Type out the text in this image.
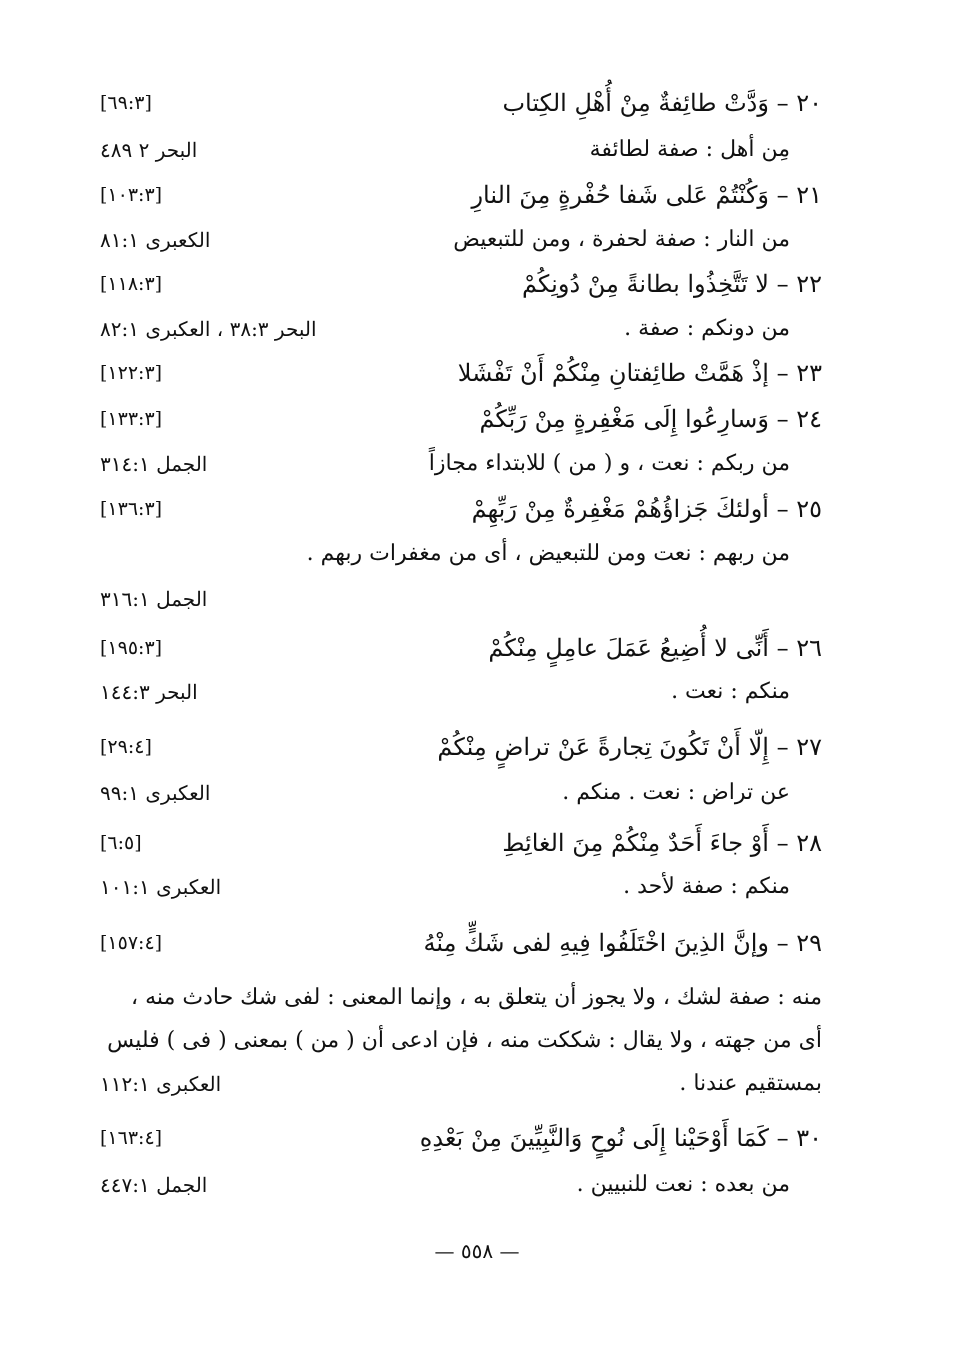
٢٠ – وَدَّتْ طائِفةٌ مِنْ أُهْلِ الكِتاب
[٦٩:٣]
مِن أهل : صفة لطائفة
البحر ٢ ٤٨٩
٢١ – وَكُنْتُمْ عَلى شَفا حُفْرةٍ مِنَ النارِ
[١٠٣:٣]
من النار : صفة لحفرة ، ومن للتبعيض
الكعبرى ٨١:١
٢٢ – لا تَتَّخِذُوا بطانةً مِنْ دُونِكُمْ
[١١٨:٣]
من دونكم : صفة .
البحر ٣٨:٣ ، العكبرى ٨٢:١
٢٣ – إذْ هَمَّتْ طائِفتانِ مِنْكُمْ أَنْ تَفْشَلا
[١٢٢:٣]
٢٤ – وَسارِعُوا إِلَى مَغْفِرةٍ مِنْ رَبِّكُمْ
[١٣٣:٣]
من ربكم : نعت ، و ( من ) للابتداء مجازاً
الجمل ٣١٤:١
٢٥ – أولئكَ جَزاؤُهُمْ مَغْفِرةٌ مِنْ رَبِّهِمْ
[١٣٦:٣]
من ربهم : نعت ومن للتبعيض ، أى من مغفرات ربهم .
الجمل ٣١٦:١
٢٦ – أَنِّى لا أُضِيعُ عَمَلَ عامِلٍ مِنْكُمْ
[١٩٥:٣]
منكم : نعت .
البحر ١٤٤:٣
٢٧ – إِلّا أَنْ تَكُونَ تِجارةً عَنْ تراضٍ مِنْكُمْ
[٢٩:٤]
عن تراض : نعت . منكم .
العكبرى ٩٩:١
٢٨ – أَوْ جاءَ أَحَدٌ مِنْكُمْ مِنَ الغائِطِ
[٦:٥]
منكم : صفة لأحد .
العكبرى ١٠١:١
٢٩ – وإنَّ الذِينَ اخْتَلَفُوا فِيهِ لفى شَكٍّ مِنْهُ
[١٥٧:٤]
منه : صفة لشك ، ولا يجوز أن يتعلق به ، وإنما المعنى : لفى شك حادث منه ،
أى من جهته ، ولا يقال : شككت منه ، فإن ادعى أن ( من ) بمعنى ( فى ) فليس
بمستقيم عندنا .
العكبرى ١١٢:١
٣٠ – كَمَا أَوْحَيْنا إِلَى نُوحٍ وَالنَّبِيِّينَ مِنْ بَعْدِهِ
[١٦٣:٤]
من بعده : نعت للنبيين .
الجمل ٤٤٧:١
— ٥٥٨ —
